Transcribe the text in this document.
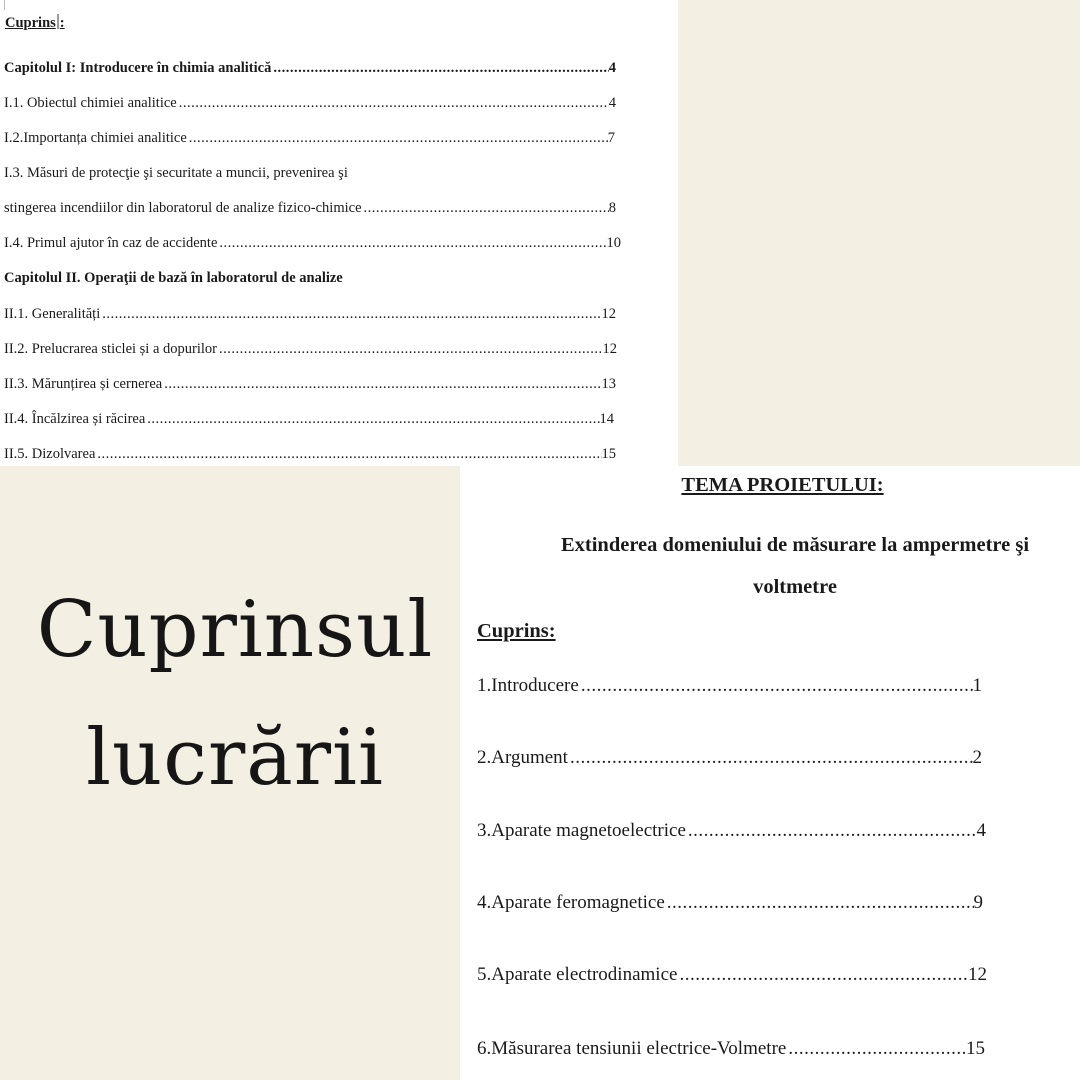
Cuprins :
Capitolul I: Introducere în chimia analitică .....	4
I.1. Obiectul chimiei analitice .....	4
I.2.Importanța chimiei analitice .....	7
I.3. Măsuri de protecţie şi securitate a muncii, prevenirea şi
stingerea incendiilor din laboratorul de analize fizico-chimice .....	8
I.4. Primul ajutor în caz de accidente .....	10
Capitolul II. Operaţii de bază în laboratorul de analize
II.1. Generalități .....	12
II.2. Prelucrarea sticlei și a dopurilor .....	12
II.3. Mărunțirea și cernerea .....	13
II.4. Încălzirea și răcirea .....	14
II.5. Dizolvarea .....	15
Cuprinsul
lucrării
TEMA PROIETULUI:
Extinderea domeniului de măsurare la ampermetre şi voltmetre
Cuprins:
1.Introducere .....	1
2.Argument .....	2
3.Aparate magnetoelectrice .....	4
4.Aparate feromagnetice .....	9
5.Aparate electrodinamice .....	12
6.Măsurarea tensiunii electrice-Volmetre .....	15
